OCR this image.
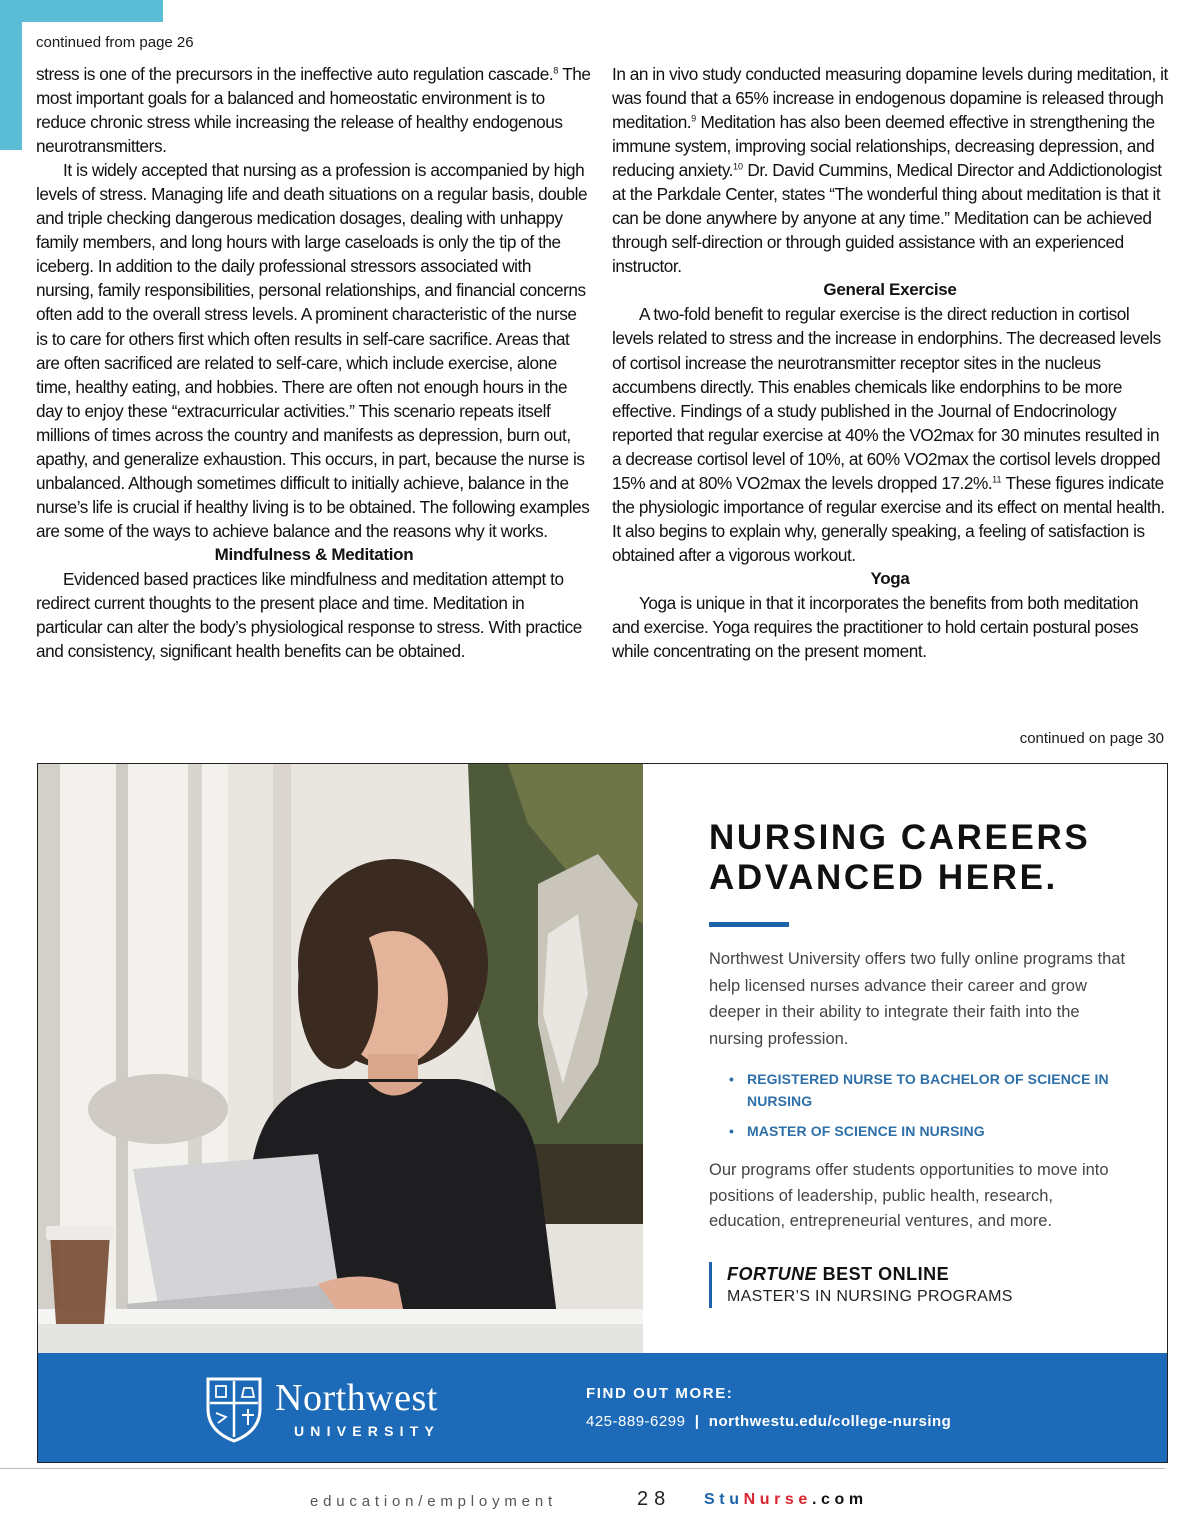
continued from page 26

stress is one of the precursors in the ineffective auto regulation cascade.$^8$ The most important goals for a balanced and homeostatic environment is to reduce chronic stress while increasing the release of healthy endogenous neurotransmitters.

It is widely accepted that nursing as a profession is accompanied by high levels of stress. Managing life and death situations on a regular basis, double and triple checking dangerous medication dosages, dealing with unhappy family members, and long hours with large caseloads is only the tip of the iceberg. In addition to the daily professional stressors associated with nursing, family responsibilities, personal relationships, and financial concerns often add to the overall stress levels. A prominent characteristic of the nurse is to care for others first which often results in self-care sacrifice. Areas that are often sacrificed are related to self-care, which include exercise, alone time, healthy eating, and hobbies. There are often not enough hours in the day to enjoy these “extracurricular activities.” This scenario repeats itself millions of times across the country and manifests as depression, burn out, apathy, and generalize exhaustion. This occurs, in part, because the nurse is unbalanced. Although sometimes difficult to initially achieve, balance in the nurse’s life is crucial if healthy living is to be obtained. The following examples are some of the ways to achieve balance and the reasons why it works.

Mindfulness & Meditation

Evidenced based practices like mindfulness and meditation attempt to redirect current thoughts to the present place and time. Meditation in particular can alter the body’s physiological response to stress. With practice and consistency, significant health benefits can be obtained.

In an in vivo study conducted measuring dopamine levels during meditation, it was found that a 65% increase in endogenous dopamine is released through meditation.$^9$ Meditation has also been deemed effective in strengthening the immune system, improving social relationships, decreasing depression, and reducing anxiety.$^{10}$ Dr. David Cummins, Medical Director and Addictionologist at the Parkdale Center, states “The wonderful thing about meditation is that it can be done anywhere by anyone at any time.” Meditation can be achieved through self-direction or through guided assistance with an experienced instructor.

General Exercise

A two-fold benefit to regular exercise is the direct reduction in cortisol levels related to stress and the increase in endorphins. The decreased levels of cortisol increase the neurotransmitter receptor sites in the nucleus accumbens directly. This enables chemicals like endorphins to be more effective. Findings of a study published in the Journal of Endocrinology reported that regular exercise at 40% the VO2max for 30 minutes resulted in a decrease cortisol level of 10%, at 60% VO2max the cortisol levels dropped 15% and at 80% VO2max the levels dropped 17.2%.$^{11}$ These figures indicate the physiologic importance of regular exercise and its effect on mental health. It also begins to explain why, generally speaking, a feeling of satisfaction is obtained after a vigorous workout.

Yoga

Yoga is unique in that it incorporates the benefits from both meditation and exercise. Yoga requires the practitioner to hold certain postural poses while concentrating on the present moment.

continued on page 30
NURSING CAREERS
ADVANCED HERE.

Northwest University offers two fully online programs that help licensed nurses advance their career and grow deeper in their ability to integrate their faith into the nursing profession.

• REGISTERED NURSE TO BACHELOR OF SCIENCE IN NURSING
• MASTER OF SCIENCE IN NURSING

Our programs offer students opportunities to move into positions of leadership, public health, research, education, entrepreneurial ventures, and more.

FORTUNE BEST ONLINE
MASTER’S IN NURSING PROGRAMS
Northwest
UNIVERSITY
FIND OUT MORE:
425-889-6299  |  northwestu.edu/college-nursing
education/employment	28 StuNurse.com
